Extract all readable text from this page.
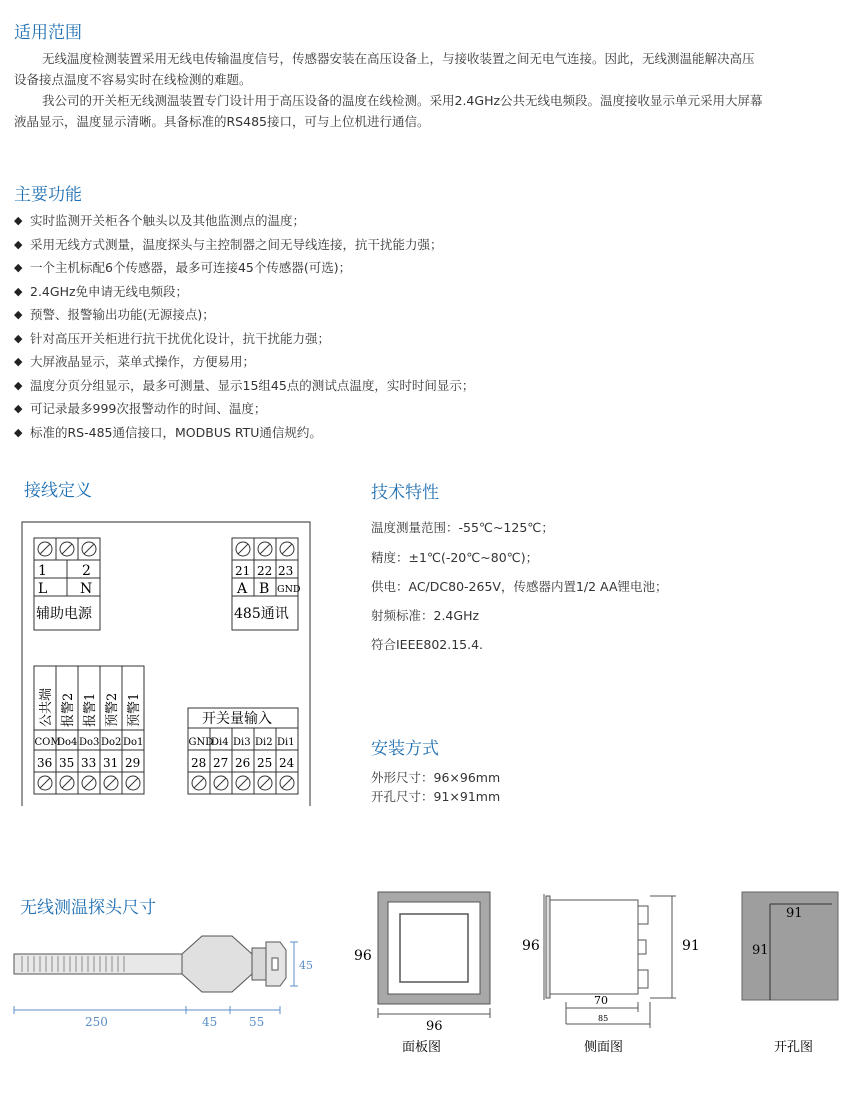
适用范围
无线温度检测装置采用无线电传输温度信号，传感器安装在高压设备上，与接收装置之间无电气连接。因此，无线测温能解决高压
设备接点温度不容易实时在线检测的难题。
我公司的开关柜无线测温装置专门设计用于高压设备的温度在线检测。采用2.4GHz公共无线电频段。温度接收显示单元采用大屏幕
液晶显示，温度显示清晰。具备标准的RS485接口，可与上位机进行通信。
主要功能
◆ 实时监测开关柜各个触头以及其他监测点的温度；
◆ 采用无线方式测量，温度探头与主控制器之间无导线连接，抗干扰能力强；
◆ 一个主机标配6个传感器，最多可连接45个传感器(可选)；
◆ 2.4GHz免申请无线电频段；
◆ 预警、报警输出功能(无源接点)；
◆ 针对高压开关柜进行抗干扰优化设计，抗干扰能力强；
◆ 大屏液晶显示，菜单式操作，方便易用；
◆ 温度分页分组显示，最多可测量、显示15组45点的测试点温度，实时时间显示；
◆ 可记录最多999次报警动作的时间、温度；
◆ 标准的RS-485通信接口，MODBUS RTU通信规约。
接线定义
1	2
L N
辅助电源
21 22 23
A B GND
485通讯
公共端 报警2 报警1 预警2 预警1
COM
Do4 Do3 Do2 Do1
36 35 33 31 29
开关量输入
GND
Di4 Di3 Di2 Di1
28 27 26 25 24
技术特性
温度测量范围：-55℃~125℃；
精度：±1℃(-20℃~80℃)；
供电：AC/DC80-265V，传感器内置1/2 AA锂电池；
射频标准：2.4GHz
符合IEEE802.15.4.
安装方式
外形尺寸：96×96mm
开孔尺寸：91×91mm
无线测温探头尺寸
45
250	45	55
96
96
面板图
96	91
70
85
侧面图
91
91
开孔图
